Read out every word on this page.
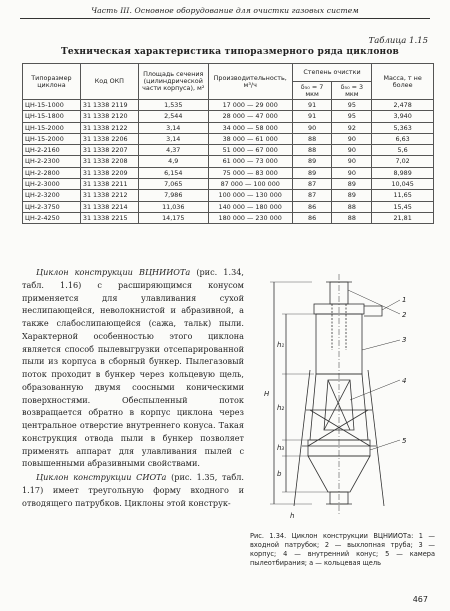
Часть III. Основное оборудование для очистки газовых систем
Таблица 1.15
Техническая характеристика типоразмерного ряда циклонов
Типоразмер циклона	Код ОКП	Площадь сечения (цилиндрической части корпуса), м²	Производительность, м³/ч	Степень очистки		Масса, т не более
				δ₅₀ = 7 мкм	δ₅₀ = 3 мкм	
ЦН-15-1000	31 1338 2119	1,535	17 000 — 29 000	91	95	2,478
ЦН-15-1800	31 1338 2120	2,544	28 000 — 47 000	91	95	3,940
ЦН-15-2000	31 1338 2122	3,14	34 000 — 58 000	90	92	5,363
ЦН-15-2000	31 1338 2206	3,14	38 000 — 61 000	88	90	6,63
ЦН-2-2160	31 1338 2207	4,37	51 000 — 67 000	88	90	5,6
ЦН-2-2300	31 1338 2208	4,9	61 000 — 73 000	89	90	7,02
ЦН-2-2800	31 1338 2209	6,154	75 000 — 83 000	89	90	8,989
ЦН-2-3000	31 1338 2211	7,065	87 000 — 100 000	87	89	10,045
ЦН-2-3200	31 1338 2212	7,986	100 000 — 130 000	87	89	11,65
ЦН-2-3750	31 1338 2214	11,036	140 000 — 180 000	86	88	15,45
ЦН-2-4250	31 1338 2215	14,175	180 000 — 230 000	86	88	21,81

Циклон конструкции ВЦНИИОТа (рис. 1.34, табл. 1.16) с расширяющимся конусом применяется для улавливания сухой неслипающейся, неволокнистой и абразивной, а также слабослипающейся (сажа, тальк) пыли. Характерной особенностью этого циклона является способ пылевыгрузки отсепарированной пыли из корпуса в сборный бункер. Пылегазовый поток проходит в бункер через кольцевую щель, образованную двумя соосными коническими поверхностями. Обеспыленный поток возвращается обратно в корпус циклона через центральное отверстие внутреннего конуса. Такая конструкция отвода пыли в бункер позволяет применять аппарат для улавливания пылей с повышенными абразивными свойствами.

Циклон конструкции СИОТа (рис. 1.35, табл. 1.17) имеет треугольную форму входного и отводящего патрубков. Циклоны этой конструк-

1
2
3
4
5
H
h₁
h₂
h₃
b
h
Рис. 1.34. Циклон конструкции ВЦНИИОТа: 1 — входной патрубок; 2 — выхлопная труба; 3 — корпус; 4 — внутренний конус; 5 — камера пылеотбирания; a — кольцевая щель
467
